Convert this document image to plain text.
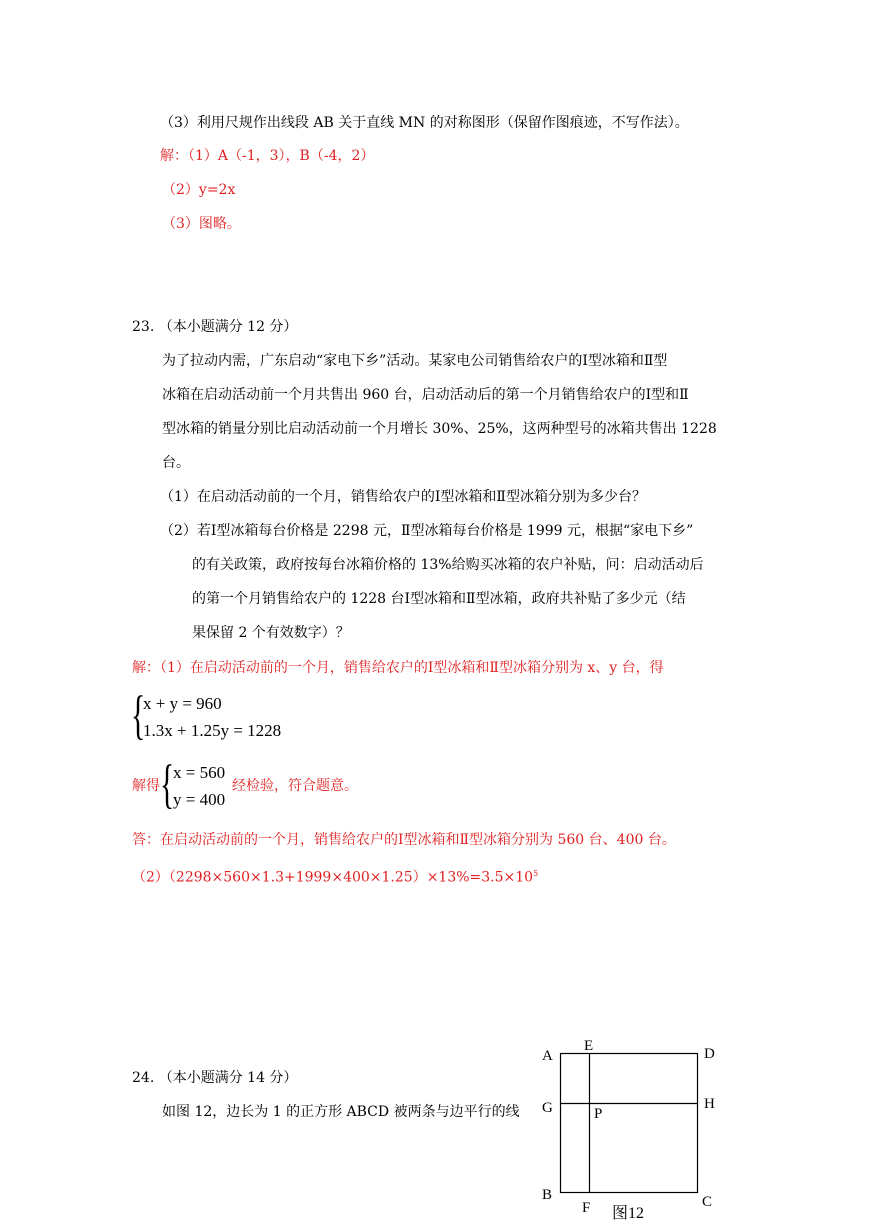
（3）利用尺规作出线段 AB 关于直线 MN 的对称图形（保留作图痕迹，不写作法）。
解：（1）A（-1，3），B（-4，2）
（2）y=2x
（3）图略。
23. （本小题满分 12 分）
为了拉动内需，广东启动“家电下乡”活动。某家电公司销售给农户的Ⅰ型冰箱和Ⅱ型
冰箱在启动活动前一个月共售出 960 台，启动活动后的第一个月销售给农户的Ⅰ型和Ⅱ
型冰箱的销量分别比启动活动前一个月增长 30%、25%，这两种型号的冰箱共售出 1228
台。
（1）在启动活动前的一个月，销售给农户的Ⅰ型冰箱和Ⅱ型冰箱分别为多少台？
（2）若Ⅰ型冰箱每台价格是 2298 元，Ⅱ型冰箱每台价格是 1999 元，根据“家电下乡”
的有关政策，政府按每台冰箱价格的 13%给购买冰箱的农户补贴，问：启动活动后
的第一个月销售给农户的 1228 台Ⅰ型冰箱和Ⅱ型冰箱，政府共补贴了多少元（结
果保留 2 个有效数字）？
解：（1）在启动活动前的一个月，销售给农户的Ⅰ型冰箱和Ⅱ型冰箱分别为 x、y 台，得
{
x + y = 960
1.3x + 1.25y = 1228
解得 {
x = 560
y = 400
经检验，符合题意。
答：在启动活动前的一个月，销售给农户的Ⅰ型冰箱和Ⅱ型冰箱分别为 560 台、400 台。
$(2)(2298\times 560\times 1.3+1999\times 400\times 1.25)\times 13\%=3.5\times 10^5$
24. （本小题满分 14 分）
如图 12，边长为 1 的正方形 ABCD 被两条与边平行的线
A
E	D
G	P
H
B
F	C
图12
